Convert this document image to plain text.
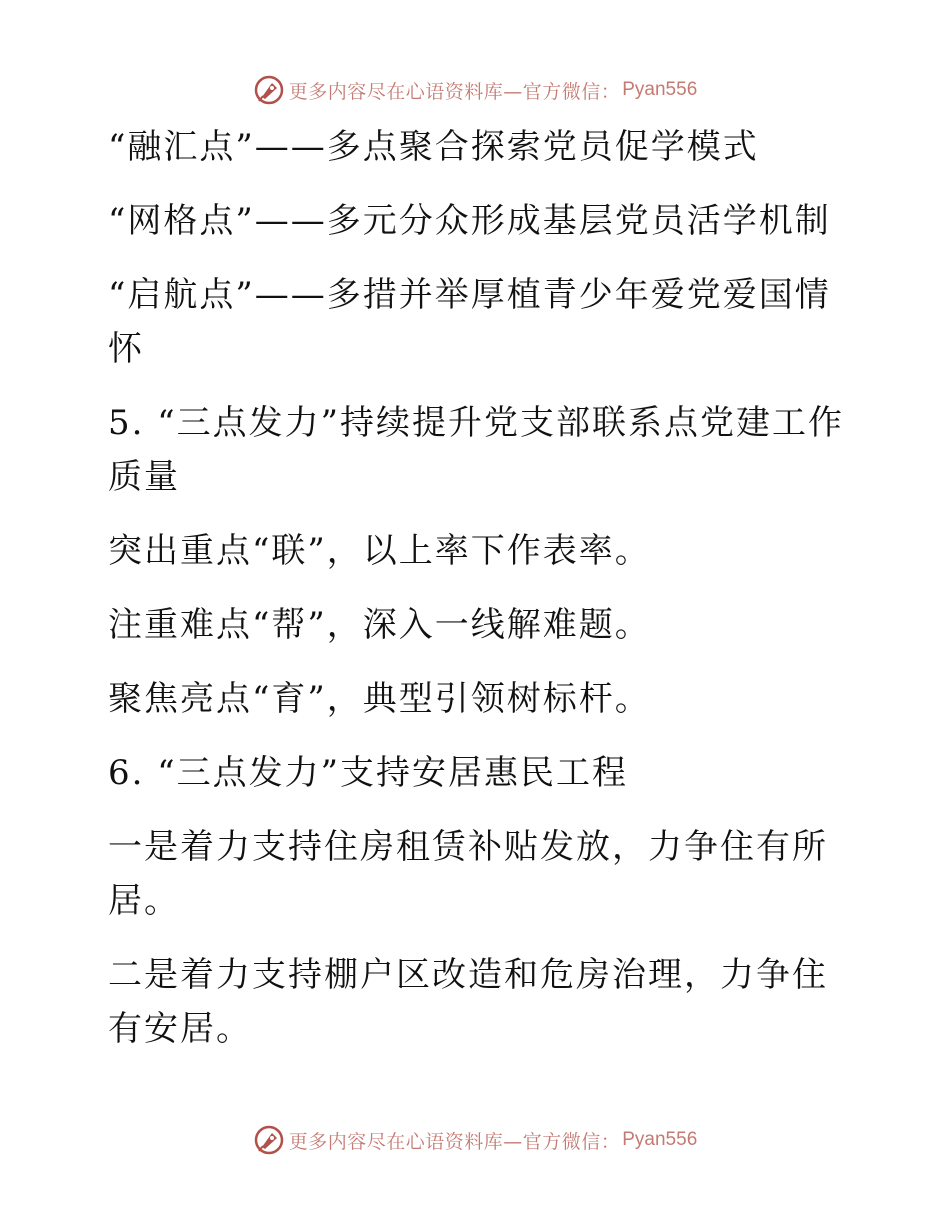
更多内容尽在心语资料库—官方微信： Pyan556
“融汇点”——多点聚合探索党员促学模式
“网格点”——多元分众形成基层党员活学机制
“启航点”——多措并举厚植青少年爱党爱国情怀
5. “三点发力”持续提升党支部联系点党建工作质量
突出重点“联”，以上率下作表率。
注重难点“帮”，深入一线解难题。
聚焦亮点“育”，典型引领树标杆。
6. “三点发力”支持安居惠民工程
一是着力支持住房租赁补贴发放，力争住有所居。
二是着力支持棚户区改造和危房治理，力争住有安居。
更多内容尽在心语资料库—官方微信： Pyan556
